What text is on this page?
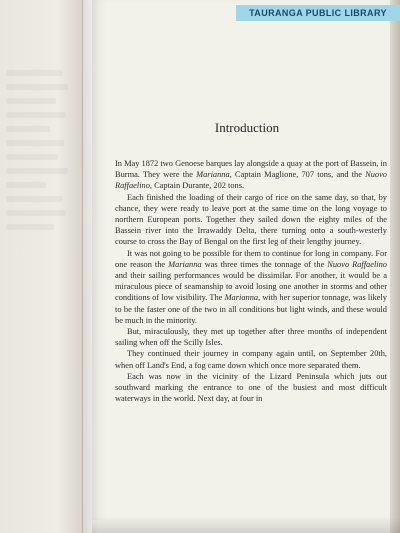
TAURANGA PUBLIC LIBRARY
Introduction

In May 1872 two Genoese barques lay alongside a quay at the port of Bassein, in Burma. They were the Marianna, Captain Maglione, 707 tons, and the Nuovo Raffaelino, Captain Durante, 202 tons.

Each finished the loading of their cargo of rice on the same day, so that, by chance, they were ready to leave port at the same time on the long voyage to northern European ports. Together they sailed down the eighty miles of the Bassein river into the Irrawaddy Delta, there turning onto a south-westerly course to cross the Bay of Bengal on the first leg of their lengthy journey.

It was not going to be possible for them to continue for long in company. For one reason the Marianna was three times the tonnage of the Nuovo Raffaelino and their sailing performances would be dissimilar. For another, it would be a miraculous piece of seamanship to avoid losing one another in storms and other conditions of low visibility. The Marianna, with her superior tonnage, was likely to be the faster one of the two in all conditions but light winds, and these would be much in the minority.

But, miraculously, they met up together after three months of independent sailing when off the Scilly Isles.

They continued their journey in company again until, on September 20th, when off Land's End, a fog came down which once more separated them.

Each was now in the vicinity of the Lizard Peninsula which juts out southward marking the entrance to one of the busiest and most difficult waterways in the world. Next day, at four in
